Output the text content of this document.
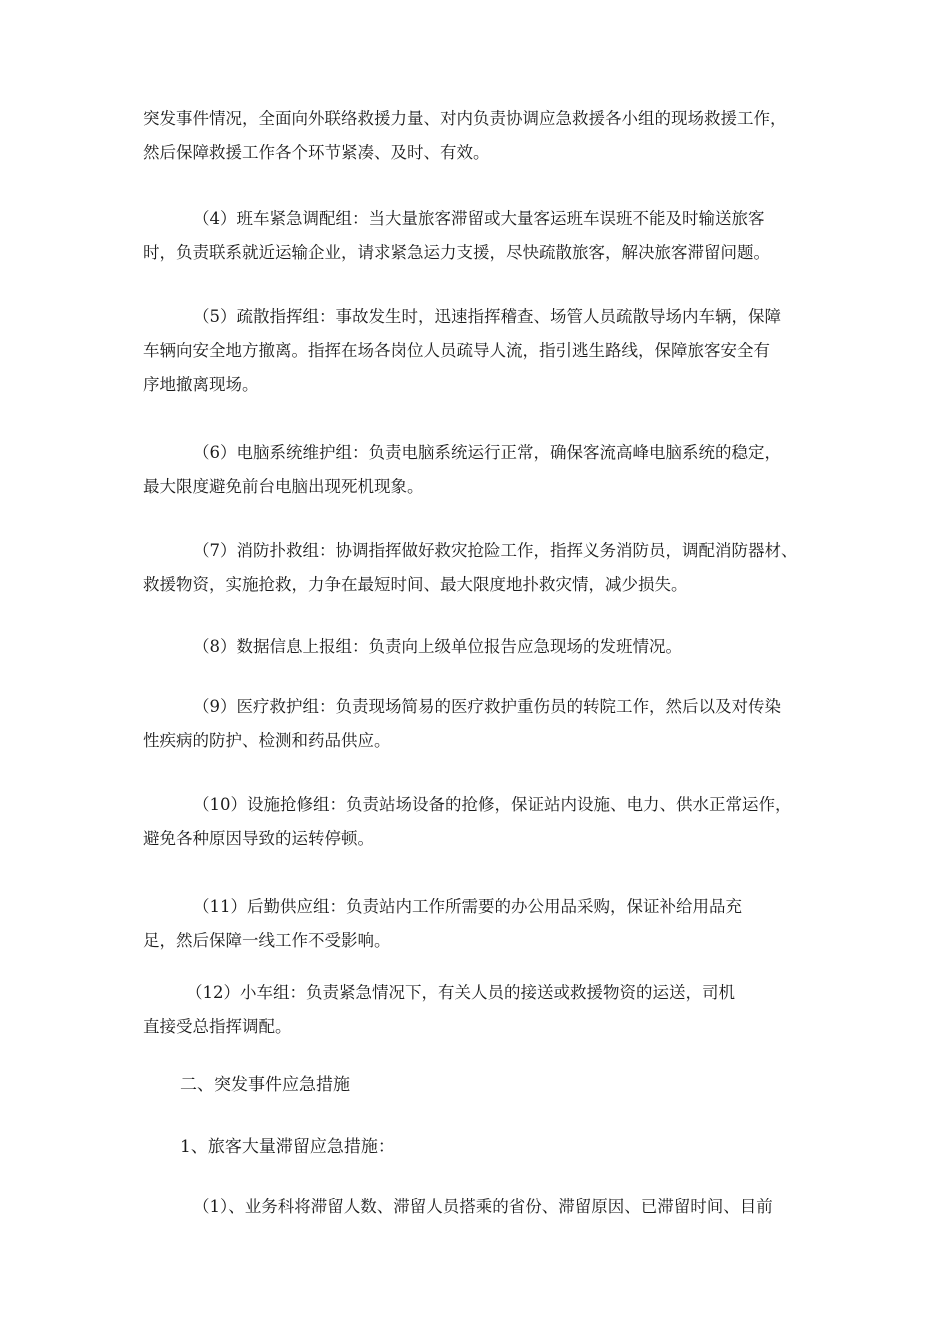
突发事件情况，全面向外联络救援力量、对内负责协调应急救援各小组的现场救援工作，
然后保障救援工作各个环节紧凑、及时、有效。
（4）班车紧急调配组：当大量旅客滞留或大量客运班车误班不能及时输送旅客
时，负责联系就近运输企业，请求紧急运力支援，尽快疏散旅客，解决旅客滞留问题。
（5）疏散指挥组：事故发生时，迅速指挥稽查、场管人员疏散导场内车辆，保障
车辆向安全地方撤离。指挥在场各岗位人员疏导人流，指引逃生路线，保障旅客安全有
序地撤离现场。
（6）电脑系统维护组：负责电脑系统运行正常，确保客流高峰电脑系统的稳定，
最大限度避免前台电脑出现死机现象。
（7）消防扑救组：协调指挥做好救灾抢险工作，指挥义务消防员，调配消防器材、
救援物资，实施抢救，力争在最短时间、最大限度地扑救灾情，减少损失。
（8）数据信息上报组：负责向上级单位报告应急现场的发班情况。
（9）医疗救护组：负责现场简易的医疗救护重伤员的转院工作，然后以及对传染
性疾病的防护、检测和药品供应。
（10）设施抢修组：负责站场设备的抢修，保证站内设施、电力、供水正常运作，
避免各种原因导致的运转停顿。
（11）后勤供应组：负责站内工作所需要的办公用品采购，保证补给用品充
足，然后保障一线工作不受影响。
（12）小车组：负责紧急情况下，有关人员的接送或救援物资的运送，司机
直接受总指挥调配。
二、突发事件应急措施
1、旅客大量滞留应急措施：
（1）、业务科将滞留人数、滞留人员搭乘的省份、滞留原因、已滞留时间、目前
